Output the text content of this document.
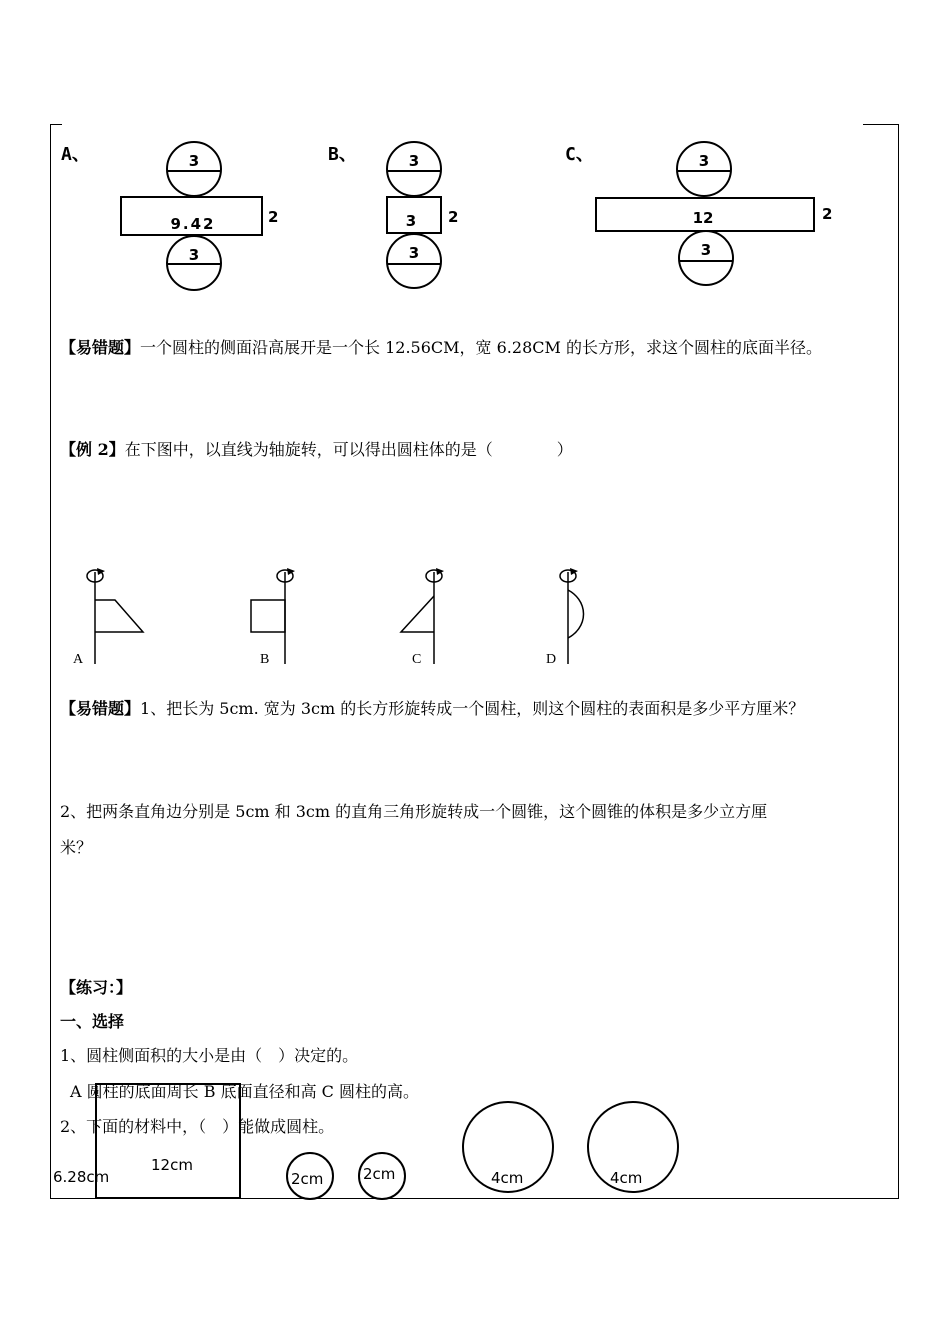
A、	3
9.42	2
3
B、	3
3 2
3
C、	3
12	2
3
【易错题】一个圆柱的侧面沿高展开是一个长 12.56CM，宽 6.28CM 的长方形，求这个圆柱的底面半径。
【例 2】在下图中，以直线为轴旋转，可以得出圆柱体的是（　　　　）
A	B	C	D
【易错题】1、把长为 5cm. 宽为 3cm 的长方形旋转成一个圆柱，则这个圆柱的表面积是多少平方厘米？
2、把两条直角边分别是 5cm 和 3cm 的直角三角形旋转成一个圆锥，这个圆锥的体积是多少立方厘
米？
【练习：】
一、选择
1、圆柱侧面积的大小是由（　）决定的。
A 圆柱的底面周长 B 底面直径和高 C 圆柱的高。
2、下面的材料中，（　）能做成圆柱。
12cm
6.28cm	2cm	2cm	4cm	4cm
